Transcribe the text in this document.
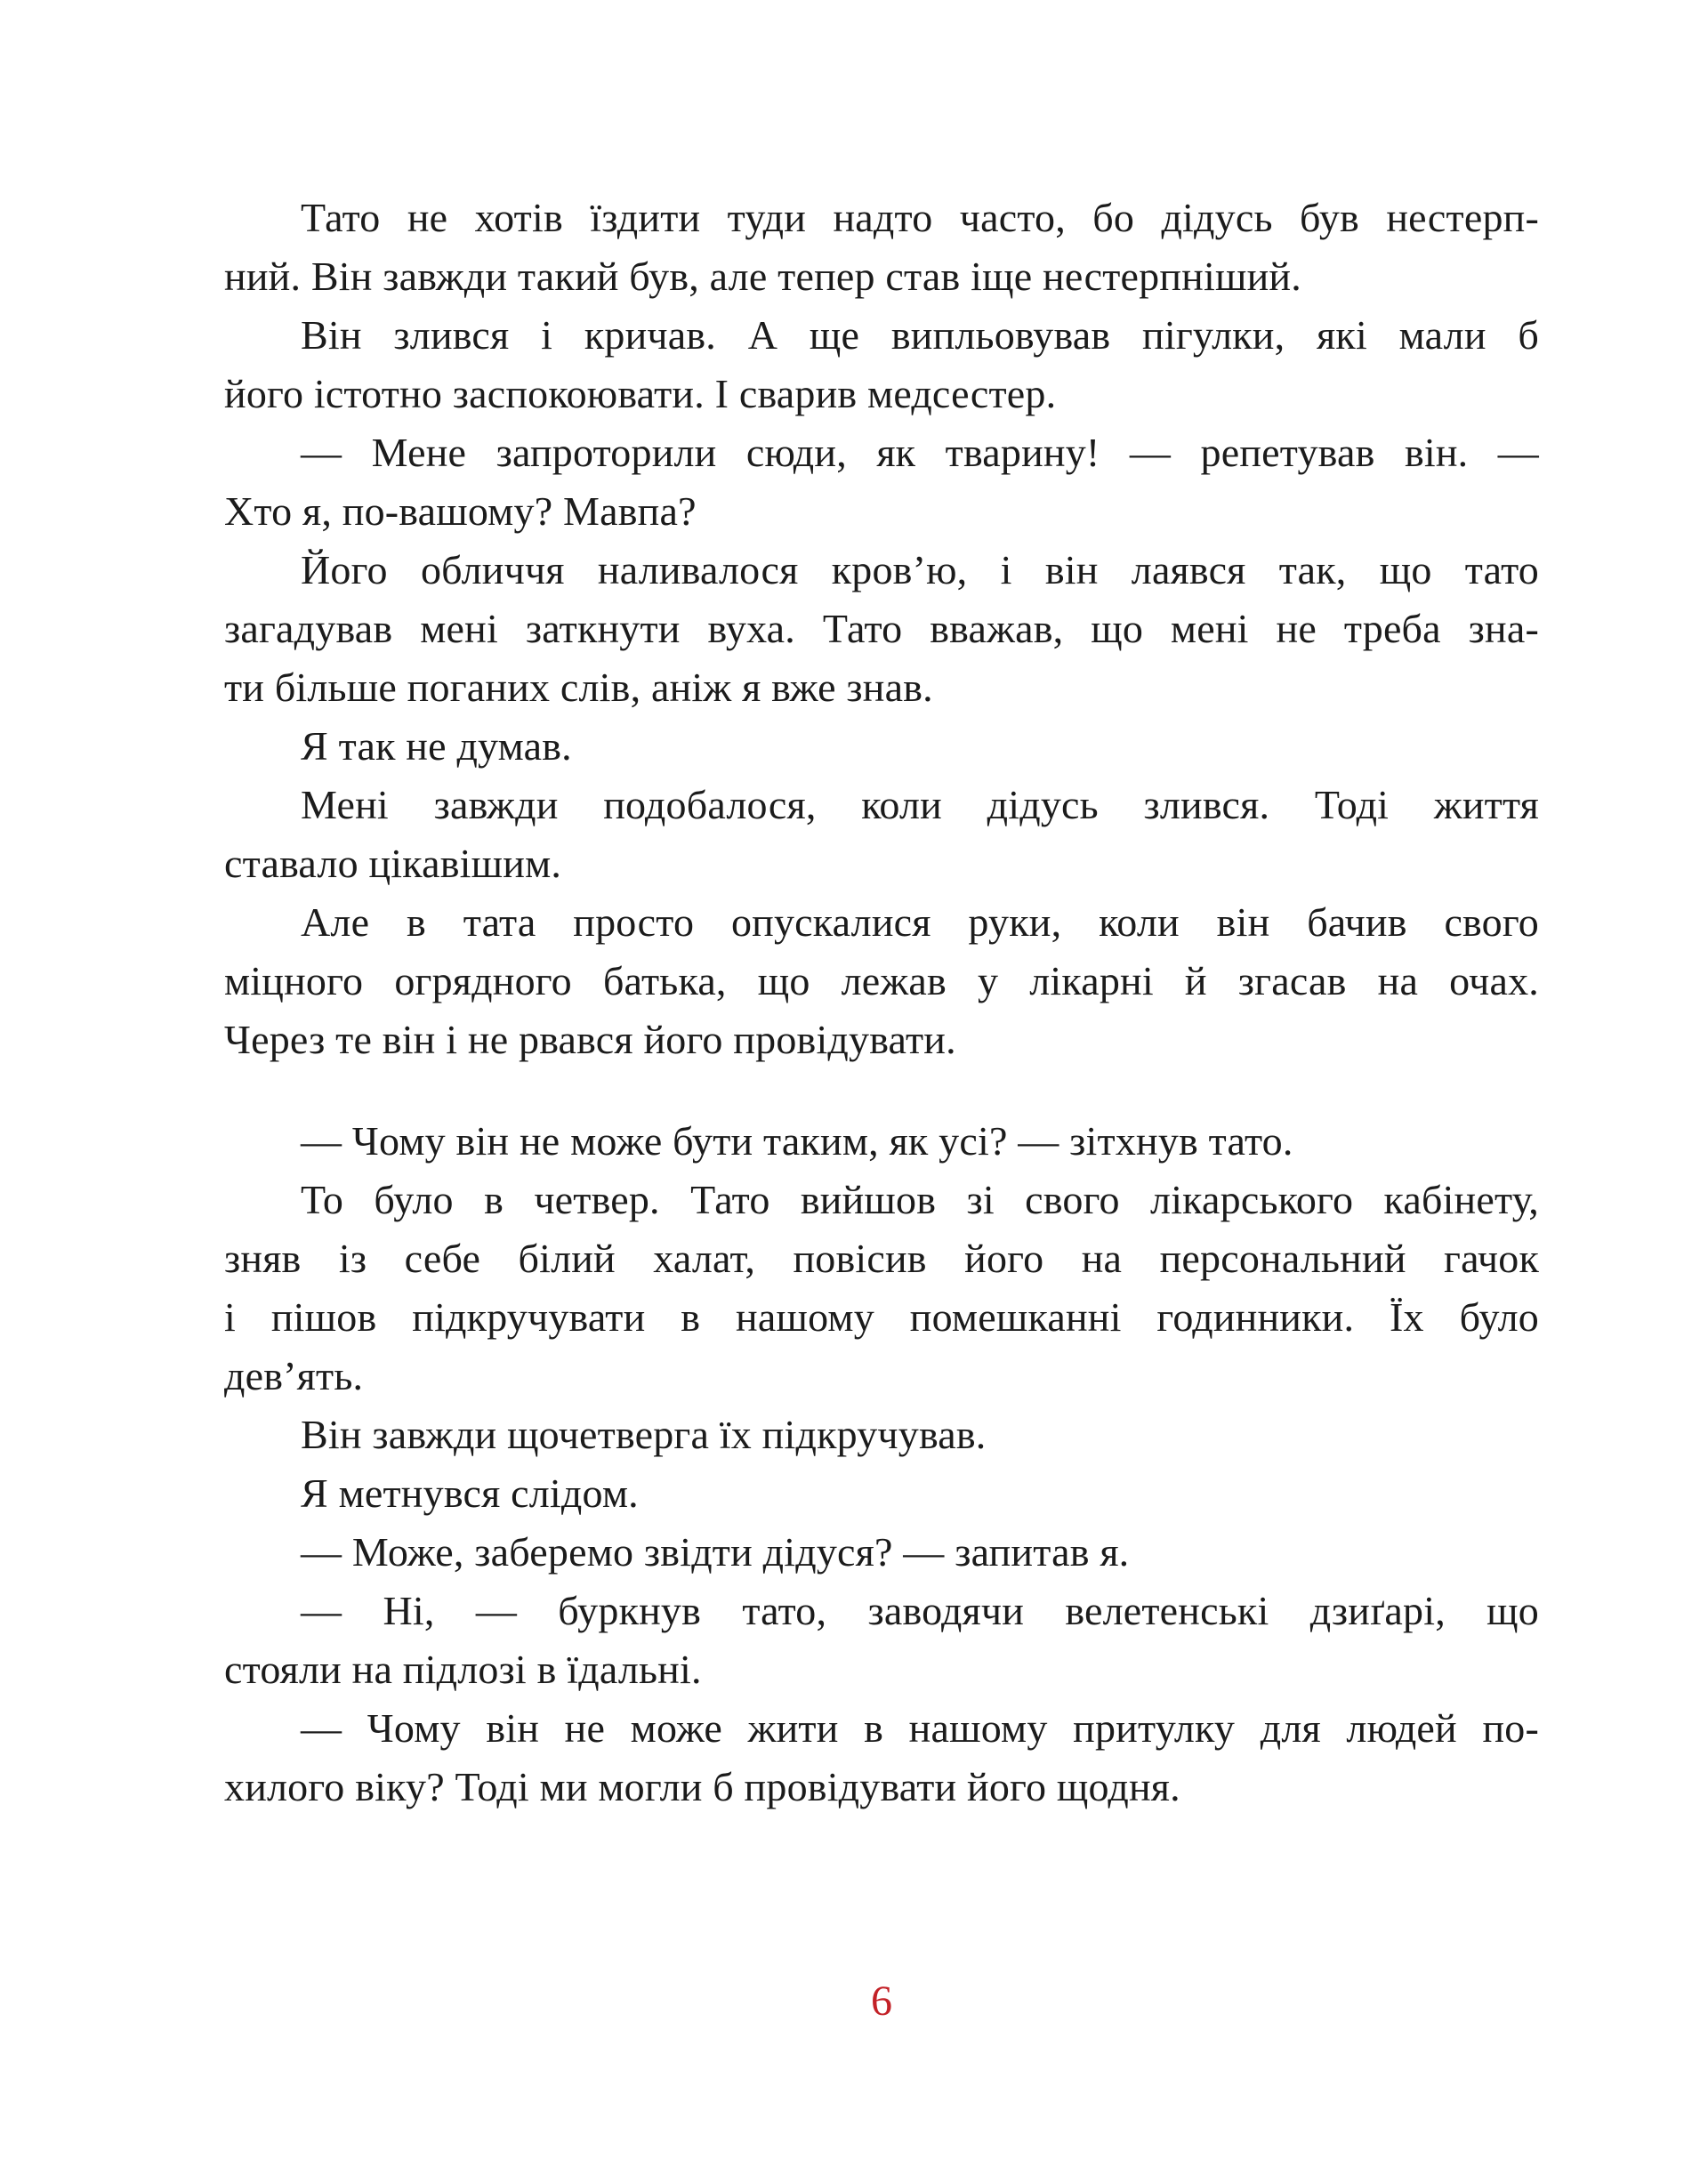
Тато не хотів їздити туди надто часто, бо дідусь був нестерп-
ний. Він завжди такий був, але тепер став іще нестерпніший.
Він злився і кричав. А ще випльовував пігулки, які мали б
його істотно заспокоювати. І сварив медсестер.
— Мене запроторили сюди, як тварину! — репетував він. —
Хто я, по-вашому? Мавпа?
Його обличчя наливалося кров’ю, і він лаявся так, що тато
загадував мені заткнути вуха. Тато вважав, що мені не треба зна-
ти більше поганих слів, аніж я вже знав.
Я так не думав.
Мені завжди подобалося, коли дідусь злився. Тоді життя
ставало цікавішим.
Але в тата просто опускалися руки, коли він бачив свого
міцного огрядного батька, що лежав у лікарні й згасав на очах.
Через те він і не рвався його провідувати.
— Чому він не може бути таким, як усі? — зітхнув тато.
То було в четвер. Тато вийшов зі свого лікарського кабінету,
зняв із себе білий халат, повісив його на персональний гачок
і пішов підкручувати в нашому помешканні годинники. Їх було
дев’ять.
Він завжди щочетверга їх підкручував.
Я метнувся слідом.
— Може, заберемо звідти дідуся? — запитав я.
— Ні, — буркнув тато, заводячи велетенські дзиґарі, що
стояли на підлозі в їдальні.
— Чому він не може жити в нашому притулку для людей по-
хилого віку? Тоді ми могли б провідувати його щодня.
6
